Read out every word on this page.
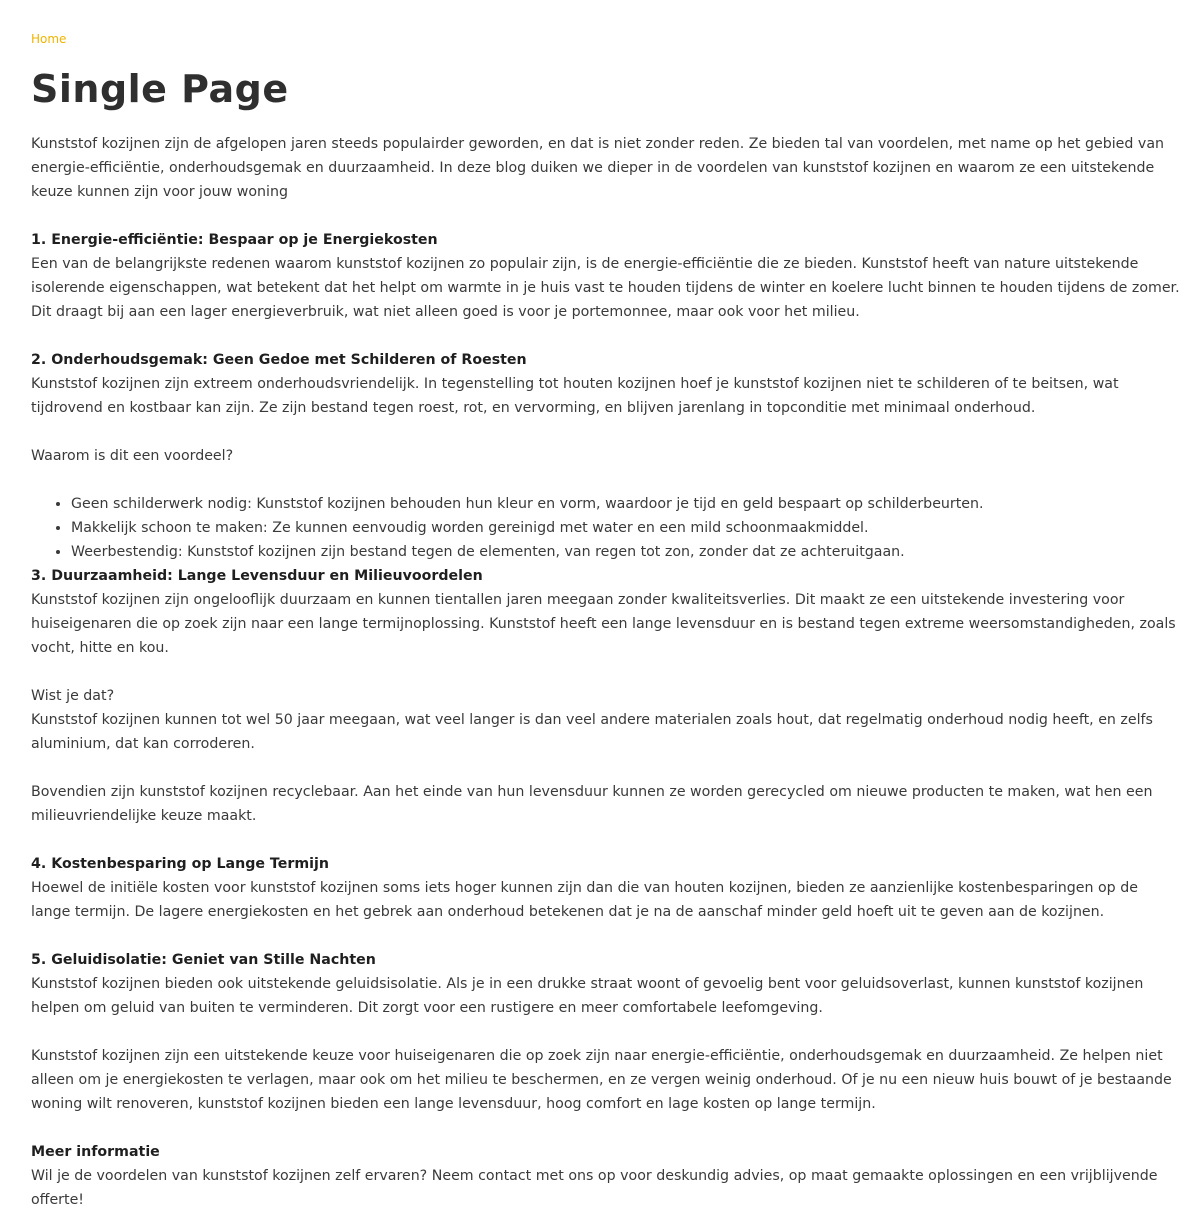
Home
Single Page

Kunststof kozijnen zijn de afgelopen jaren steeds populairder geworden, en dat is niet zonder reden. Ze bieden tal van voordelen, met name op het gebied van energie-efficiëntie, onderhoudsgemak en duurzaamheid. In deze blog duiken we dieper in de voordelen van kunststof kozijnen en waarom ze een uitstekende keuze kunnen zijn voor jouw woning

1. Energie-efficiëntie: Bespaar op je Energiekosten

Een van de belangrijkste redenen waarom kunststof kozijnen zo populair zijn, is de energie-efficiëntie die ze bieden. Kunststof heeft van nature uitstekende isolerende eigenschappen, wat betekent dat het helpt om warmte in je huis vast te houden tijdens de winter en koelere lucht binnen te houden tijdens de zomer. Dit draagt bij aan een lager energieverbruik, wat niet alleen goed is voor je portemonnee, maar ook voor het milieu.

2. Onderhoudsgemak: Geen Gedoe met Schilderen of Roesten

Kunststof kozijnen zijn extreem onderhoudsvriendelijk. In tegenstelling tot houten kozijnen hoef je kunststof kozijnen niet te schilderen of te beitsen, wat tijdrovend en kostbaar kan zijn. Ze zijn bestand tegen roest, rot, en vervorming, en blijven jarenlang in topconditie met minimaal onderhoud.

Waarom is dit een voordeel?

• Geen schilderwerk nodig: Kunststof kozijnen behouden hun kleur en vorm, waardoor je tijd en geld bespaart op schilderbeurten.
• Makkelijk schoon te maken: Ze kunnen eenvoudig worden gereinigd met water en een mild schoonmaakmiddel.
• Weerbestendig: Kunststof kozijnen zijn bestand tegen de elementen, van regen tot zon, zonder dat ze achteruitgaan.

3. Duurzaamheid: Lange Levensduur en Milieuvoordelen

Kunststof kozijnen zijn ongelooflijk duurzaam en kunnen tientallen jaren meegaan zonder kwaliteitsverlies. Dit maakt ze een uitstekende investering voor huiseigenaren die op zoek zijn naar een lange termijnoplossing. Kunststof heeft een lange levensduur en is bestand tegen extreme weersomstandigheden, zoals vocht, hitte en kou.

Wist je dat?

Kunststof kozijnen kunnen tot wel 50 jaar meegaan, wat veel langer is dan veel andere materialen zoals hout, dat regelmatig onderhoud nodig heeft, en zelfs aluminium, dat kan corroderen.

Bovendien zijn kunststof kozijnen recyclebaar. Aan het einde van hun levensduur kunnen ze worden gerecycled om nieuwe producten te maken, wat hen een milieuvriendelijke keuze maakt.

4. Kostenbesparing op Lange Termijn

Hoewel de initiële kosten voor kunststof kozijnen soms iets hoger kunnen zijn dan die van houten kozijnen, bieden ze aanzienlijke kostenbesparingen op de lange termijn. De lagere energiekosten en het gebrek aan onderhoud betekenen dat je na de aanschaf minder geld hoeft uit te geven aan de kozijnen.

5. Geluidisolatie: Geniet van Stille Nachten

Kunststof kozijnen bieden ook uitstekende geluidsisolatie. Als je in een drukke straat woont of gevoelig bent voor geluidsoverlast, kunnen kunststof kozijnen helpen om geluid van buiten te verminderen. Dit zorgt voor een rustigere en meer comfortabele leefomgeving.

Kunststof kozijnen zijn een uitstekende keuze voor huiseigenaren die op zoek zijn naar energie-efficiëntie, onderhoudsgemak en duurzaamheid. Ze helpen niet alleen om je energiekosten te verlagen, maar ook om het milieu te beschermen, en ze vergen weinig onderhoud. Of je nu een nieuw huis bouwt of je bestaande woning wilt renoveren, kunststof kozijnen bieden een lange levensduur, hoog comfort en lage kosten op lange termijn.

Meer informatie

Wil je de voordelen van kunststof kozijnen zelf ervaren? Neem contact met ons op voor deskundig advies, op maat gemaakte oplossingen en een vrijblijvende offerte!
